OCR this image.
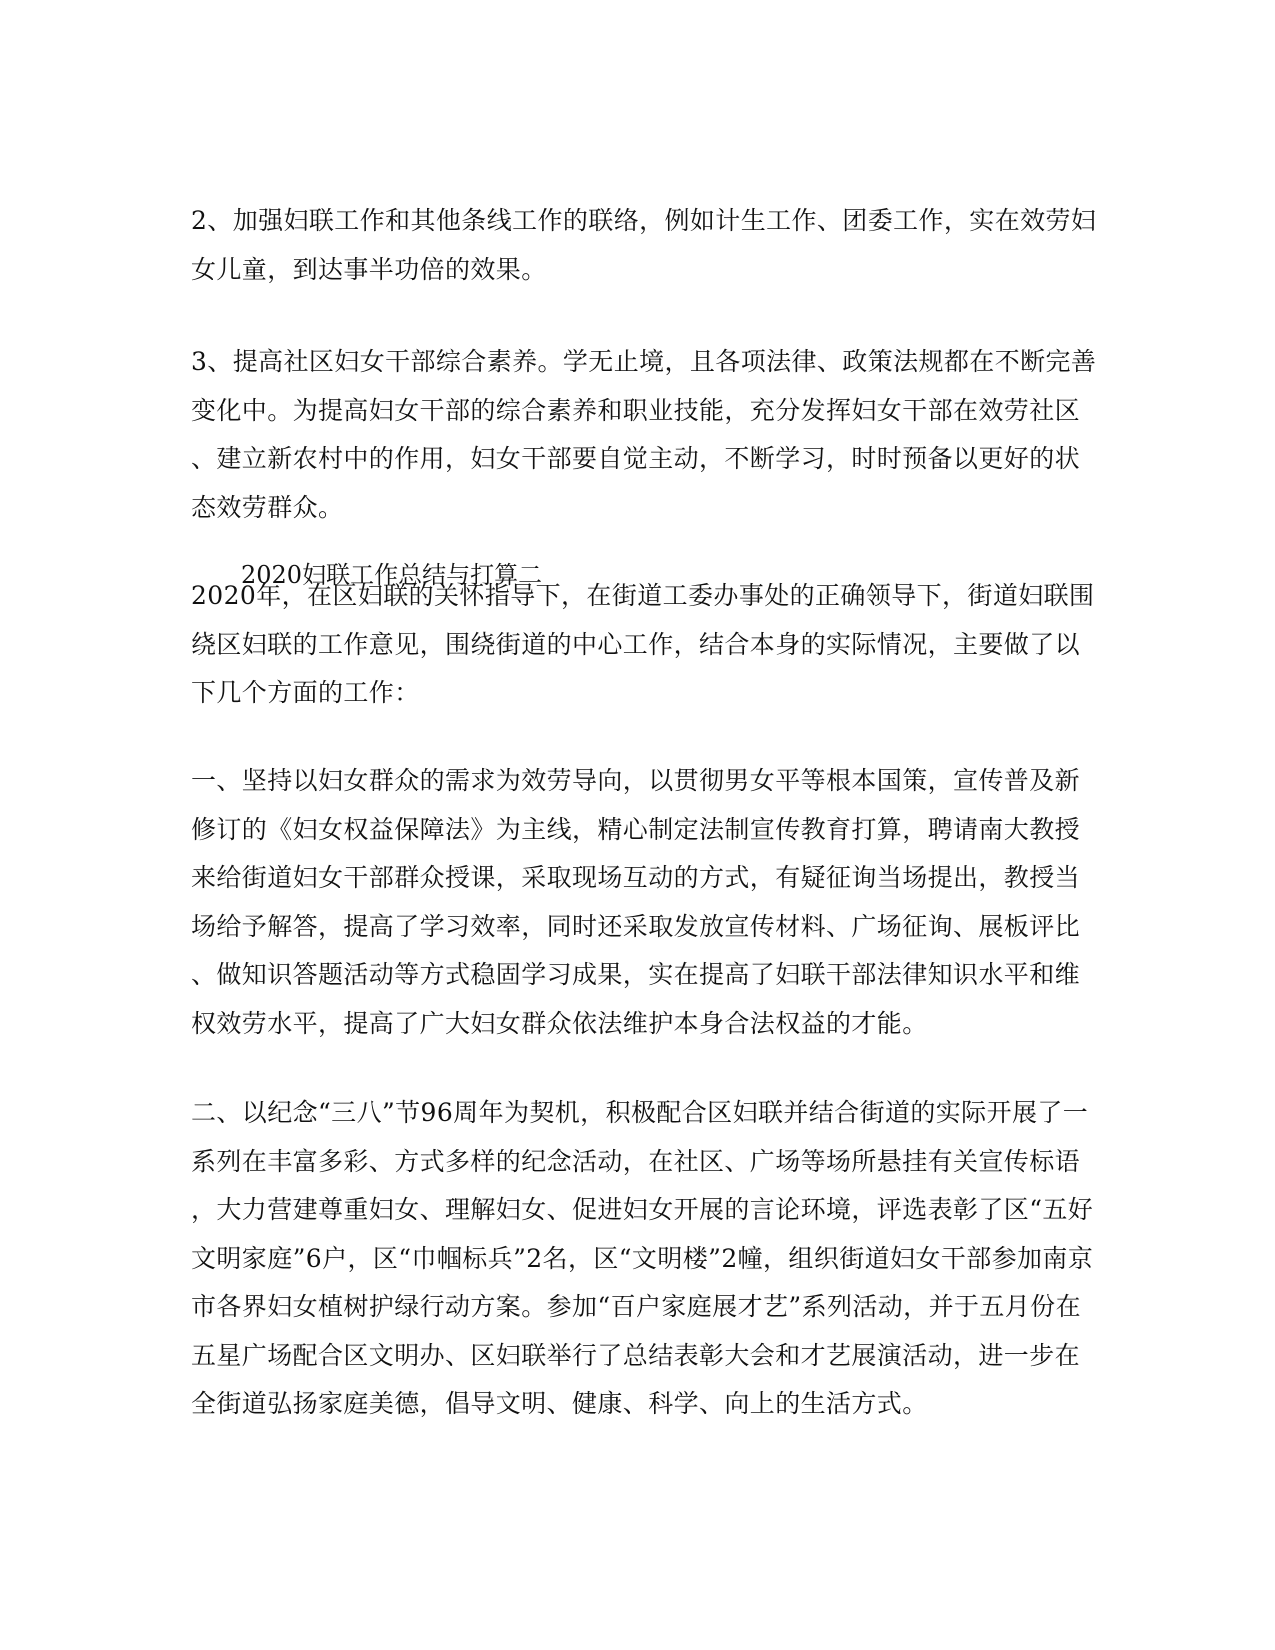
2、加强妇联工作和其他条线工作的联络，例如计生工作、团委工作，实在效劳妇
女儿童，到达事半功倍的效果。
3、提高社区妇女干部综合素养。学无止境，且各项法律、政策法规都在不断完善
变化中。为提高妇女干部的综合素养和职业技能，充分发挥妇女干部在效劳社区
、建立新农村中的作用，妇女干部要自觉主动，不断学习，时时预备以更好的状
态效劳群众。
2020妇联工作总结与打算二
2020年，在区妇联的关怀指导下，在街道工委办事处的正确领导下，街道妇联围
绕区妇联的工作意见，围绕街道的中心工作，结合本身的实际情况，主要做了以
下几个方面的工作：
一、坚持以妇女群众的需求为效劳导向，以贯彻男女平等根本国策，宣传普及新
修订的《妇女权益保障法》为主线，精心制定法制宣传教育打算，聘请南大教授
来给街道妇女干部群众授课，采取现场互动的方式，有疑征询当场提出，教授当
场给予解答，提高了学习效率，同时还采取发放宣传材料、广场征询、展板评比
、做知识答题活动等方式稳固学习成果，实在提高了妇联干部法律知识水平和维
权效劳水平，提高了广大妇女群众依法维护本身合法权益的才能。
二、以纪念“三八”节96周年为契机，积极配合区妇联并结合街道的实际开展了一
系列在丰富多彩、方式多样的纪念活动，在社区、广场等场所悬挂有关宣传标语
，大力营建尊重妇女、理解妇女、促进妇女开展的言论环境，评选表彰了区“五好
文明家庭”6户，区“巾帼标兵”2名，区“文明楼”2幢，组织街道妇女干部参加南京
市各界妇女植树护绿行动方案。参加“百户家庭展才艺”系列活动，并于五月份在
五星广场配合区文明办、区妇联举行了总结表彰大会和才艺展演活动，进一步在
全街道弘扬家庭美德，倡导文明、健康、科学、向上的生活方式。
